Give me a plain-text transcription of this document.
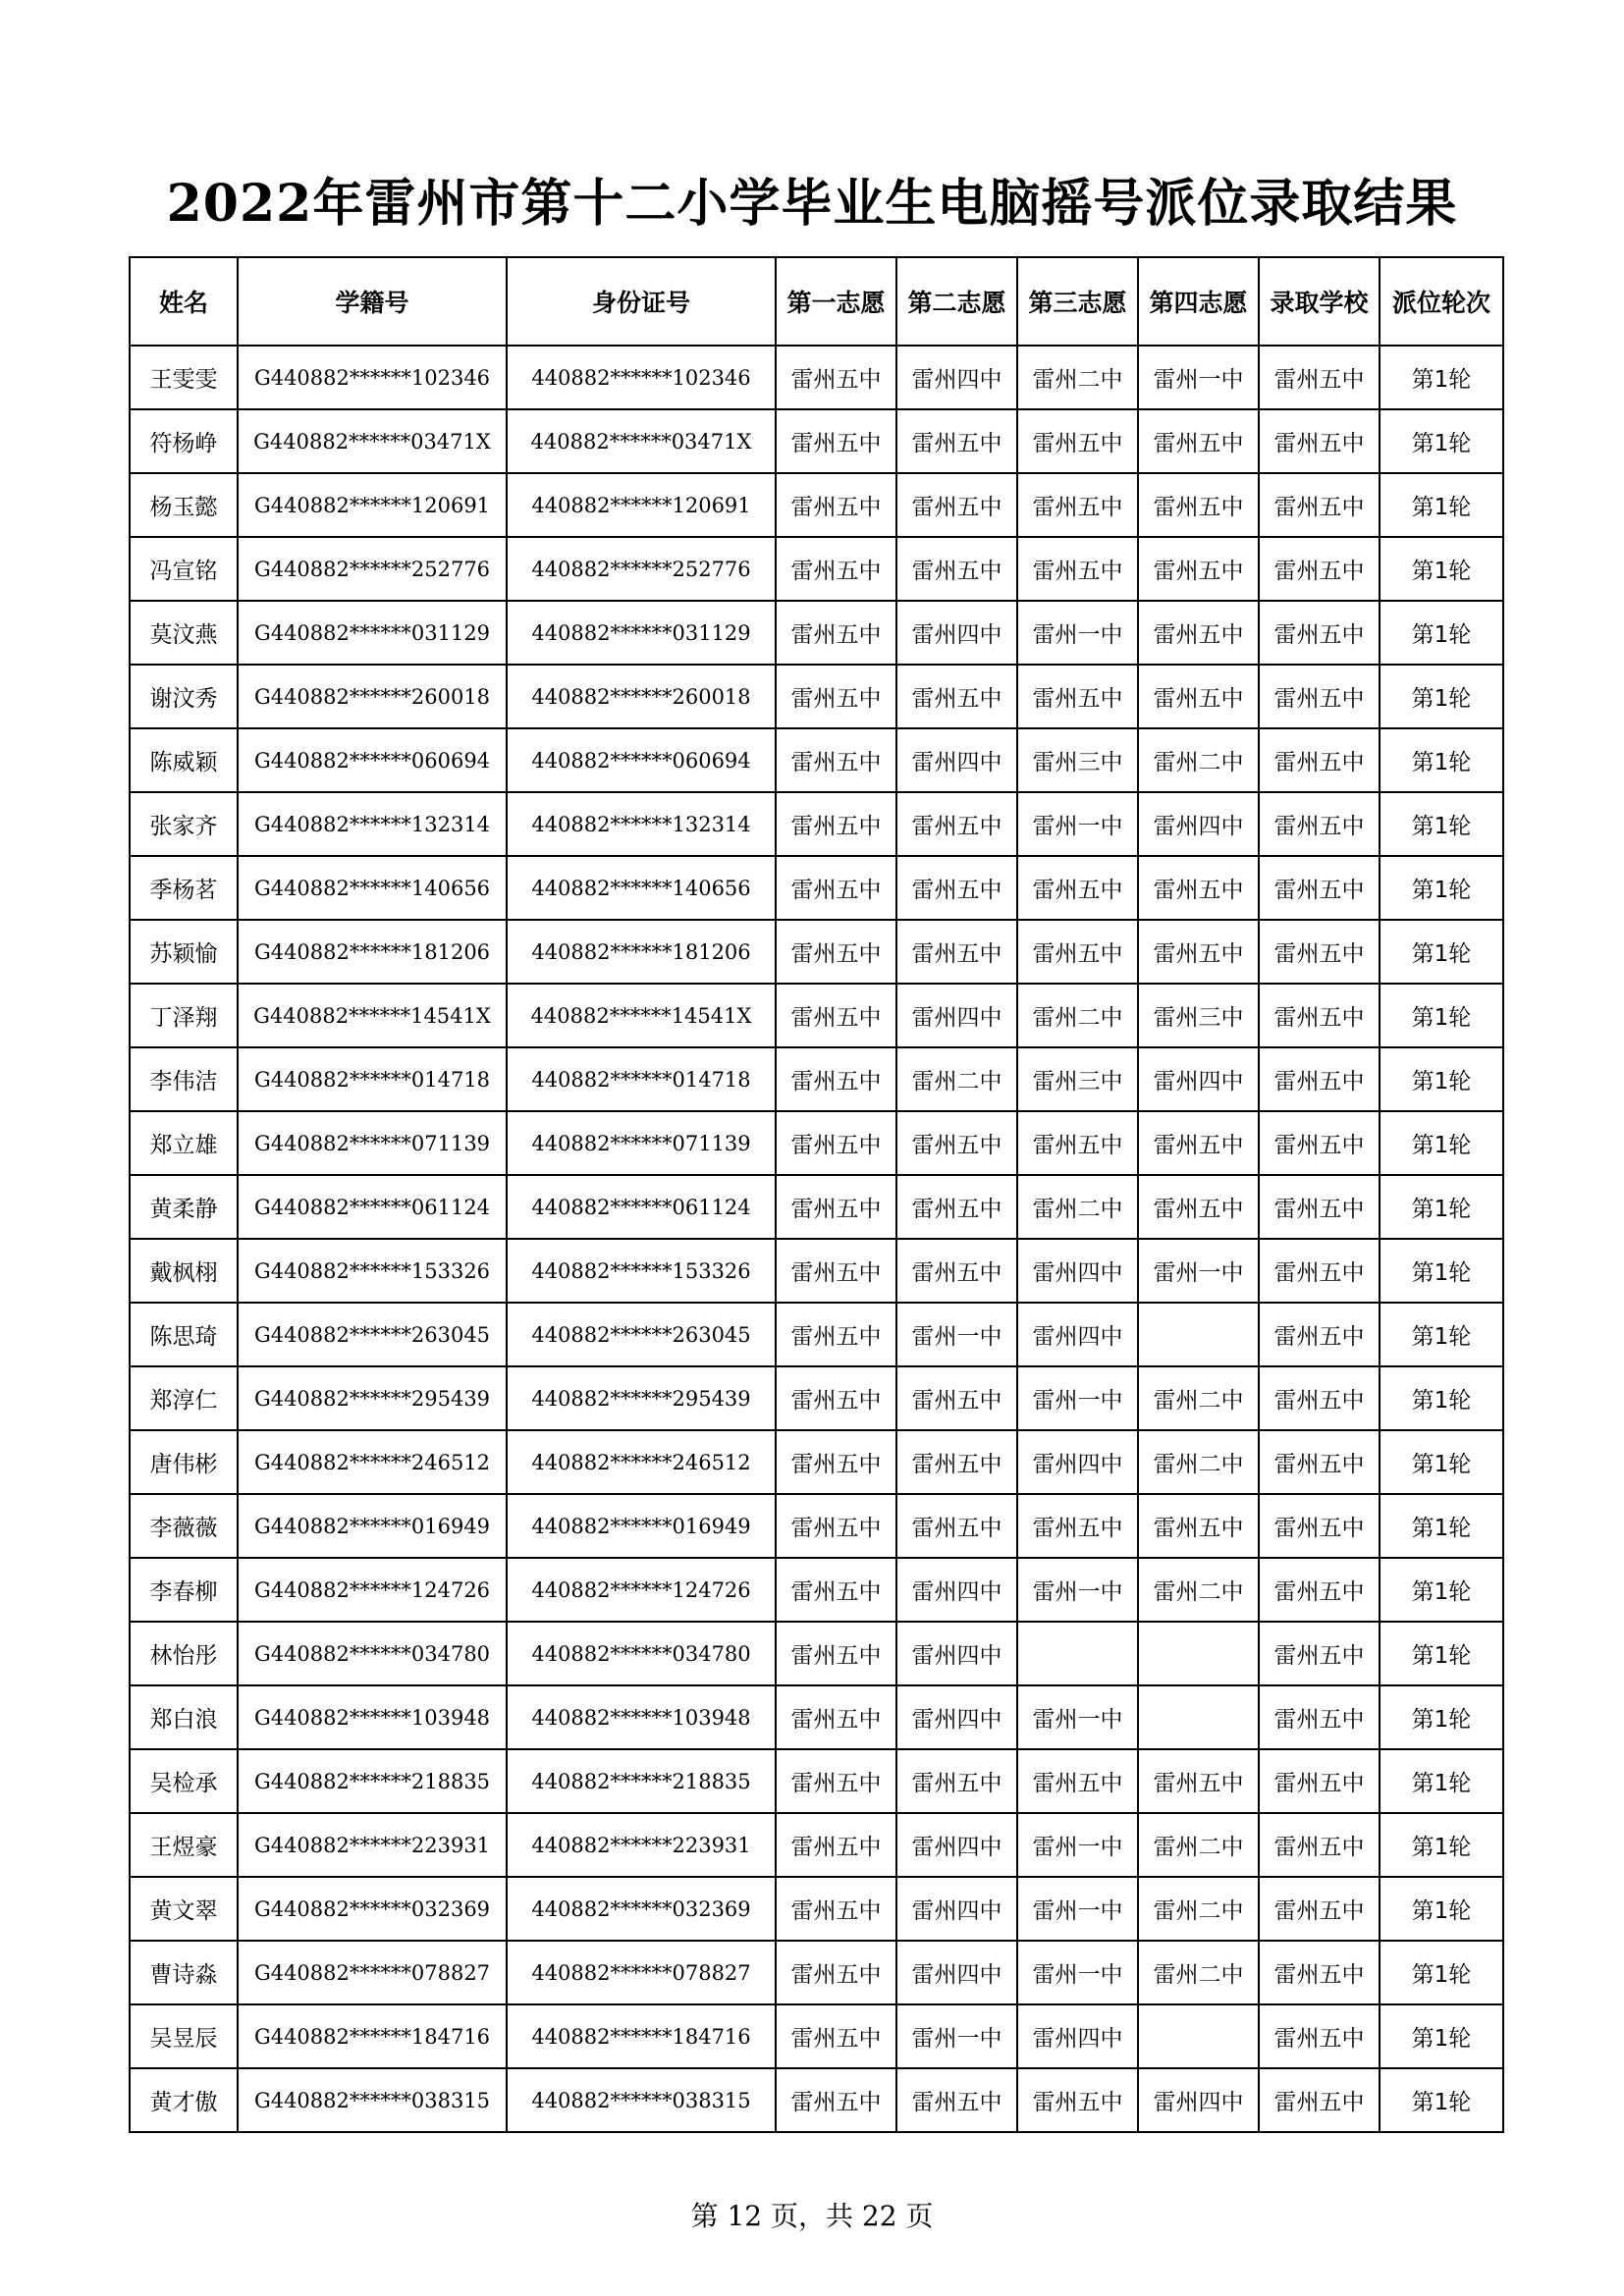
2022年雷州市第十二小学毕业生电脑摇号派位录取结果
姓名	学籍号	身份证号	第一志愿	第二志愿	第三志愿	第四志愿	录取学校	派位轮次
王雯雯	G440882******102346	440882******102346	雷州五中	雷州四中	雷州二中	雷州一中	雷州五中	第1轮
符杨峥	G440882******03471X	440882******03471X	雷州五中	雷州五中	雷州五中	雷州五中	雷州五中	第1轮
杨玉懿	G440882******120691	440882******120691	雷州五中	雷州五中	雷州五中	雷州五中	雷州五中	第1轮
冯宣铭	G440882******252776	440882******252776	雷州五中	雷州五中	雷州五中	雷州五中	雷州五中	第1轮
莫汶燕	G440882******031129	440882******031129	雷州五中	雷州四中	雷州一中	雷州五中	雷州五中	第1轮
谢汶秀	G440882******260018	440882******260018	雷州五中	雷州五中	雷州五中	雷州五中	雷州五中	第1轮
陈威颖	G440882******060694	440882******060694	雷州五中	雷州四中	雷州三中	雷州二中	雷州五中	第1轮
张家齐	G440882******132314	440882******132314	雷州五中	雷州五中	雷州一中	雷州四中	雷州五中	第1轮
季杨茗	G440882******140656	440882******140656	雷州五中	雷州五中	雷州五中	雷州五中	雷州五中	第1轮
苏颖愉	G440882******181206	440882******181206	雷州五中	雷州五中	雷州五中	雷州五中	雷州五中	第1轮
丁泽翔	G440882******14541X	440882******14541X	雷州五中	雷州四中	雷州二中	雷州三中	雷州五中	第1轮
李伟洁	G440882******014718	440882******014718	雷州五中	雷州二中	雷州三中	雷州四中	雷州五中	第1轮
郑立雄	G440882******071139	440882******071139	雷州五中	雷州五中	雷州五中	雷州五中	雷州五中	第1轮
黄柔静	G440882******061124	440882******061124	雷州五中	雷州五中	雷州二中	雷州五中	雷州五中	第1轮
戴枫栩	G440882******153326	440882******153326	雷州五中	雷州五中	雷州四中	雷州一中	雷州五中	第1轮
陈思琦	G440882******263045	440882******263045	雷州五中	雷州一中	雷州四中		雷州五中	第1轮
郑淳仁	G440882******295439	440882******295439	雷州五中	雷州五中	雷州一中	雷州二中	雷州五中	第1轮
唐伟彬	G440882******246512	440882******246512	雷州五中	雷州五中	雷州四中	雷州二中	雷州五中	第1轮
李薇薇	G440882******016949	440882******016949	雷州五中	雷州五中	雷州五中	雷州五中	雷州五中	第1轮
李春柳	G440882******124726	440882******124726	雷州五中	雷州四中	雷州一中	雷州二中	雷州五中	第1轮
林怡彤	G440882******034780	440882******034780	雷州五中	雷州四中			雷州五中	第1轮
郑白浪	G440882******103948	440882******103948	雷州五中	雷州四中	雷州一中		雷州五中	第1轮
吴检承	G440882******218835	440882******218835	雷州五中	雷州五中	雷州五中	雷州五中	雷州五中	第1轮
王煜豪	G440882******223931	440882******223931	雷州五中	雷州四中	雷州一中	雷州二中	雷州五中	第1轮
黄文翠	G440882******032369	440882******032369	雷州五中	雷州四中	雷州一中	雷州二中	雷州五中	第1轮
曹诗淼	G440882******078827	440882******078827	雷州五中	雷州四中	雷州一中	雷州二中	雷州五中	第1轮
吴昱辰	G440882******184716	440882******184716	雷州五中	雷州一中	雷州四中		雷州五中	第1轮
黄才傲	G440882******038315	440882******038315	雷州五中	雷州五中	雷州五中	雷州四中	雷州五中	第1轮
第 12 页，共 22 页
